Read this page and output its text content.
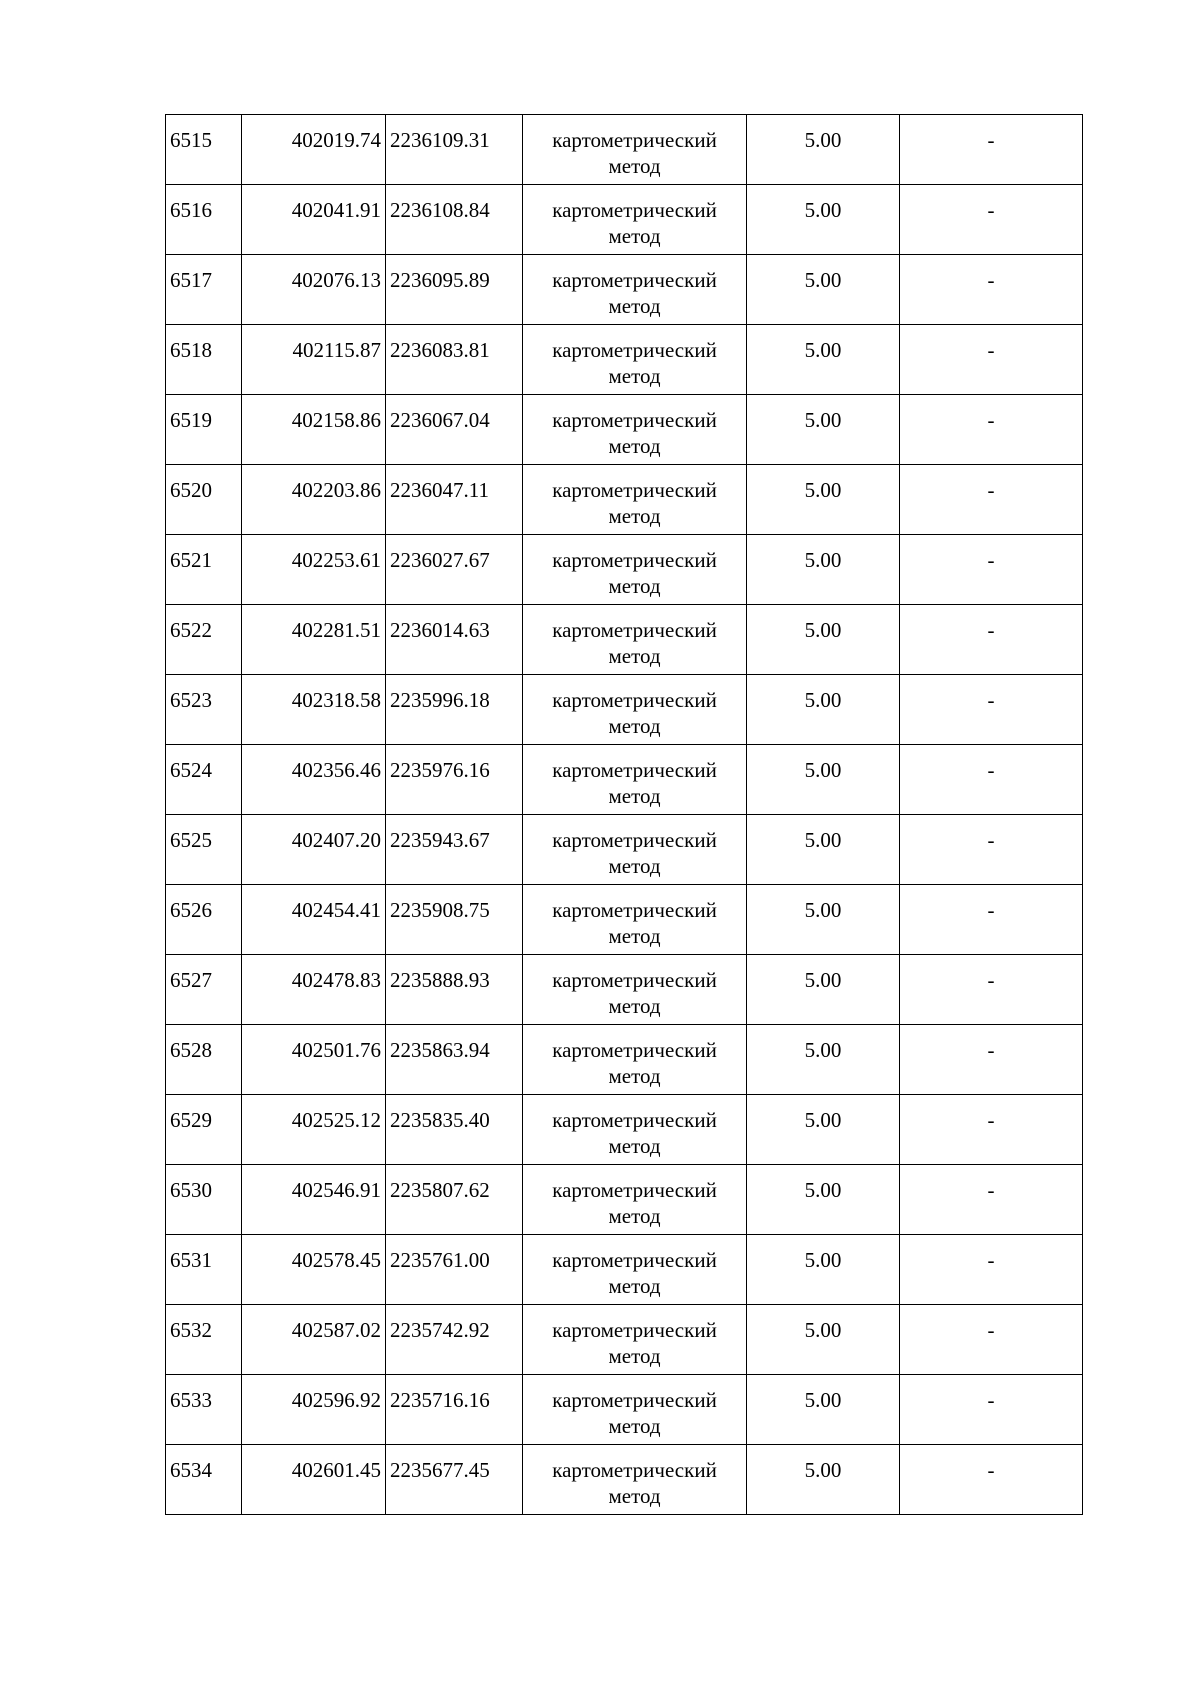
6515	402019.74	2236109.31	картометрический метод	5.00	-
6516	402041.91	2236108.84	картометрический метод	5.00	-
6517	402076.13	2236095.89	картометрический метод	5.00	-
6518	402115.87	2236083.81	картометрический метод	5.00	-
6519	402158.86	2236067.04	картометрический метод	5.00	-
6520	402203.86	2236047.11	картометрический метод	5.00	-
6521	402253.61	2236027.67	картометрический метод	5.00	-
6522	402281.51	2236014.63	картометрический метод	5.00	-
6523	402318.58	2235996.18	картометрический метод	5.00	-
6524	402356.46	2235976.16	картометрический метод	5.00	-
6525	402407.20	2235943.67	картометрический метод	5.00	-
6526	402454.41	2235908.75	картометрический метод	5.00	-
6527	402478.83	2235888.93	картометрический метод	5.00	-
6528	402501.76	2235863.94	картометрический метод	5.00	-
6529	402525.12	2235835.40	картометрический метод	5.00	-
6530	402546.91	2235807.62	картометрический метод	5.00	-
6531	402578.45	2235761.00	картометрический метод	5.00	-
6532	402587.02	2235742.92	картометрический метод	5.00	-
6533	402596.92	2235716.16	картометрический метод	5.00	-
6534	402601.45	2235677.45	картометрический метод	5.00	-
